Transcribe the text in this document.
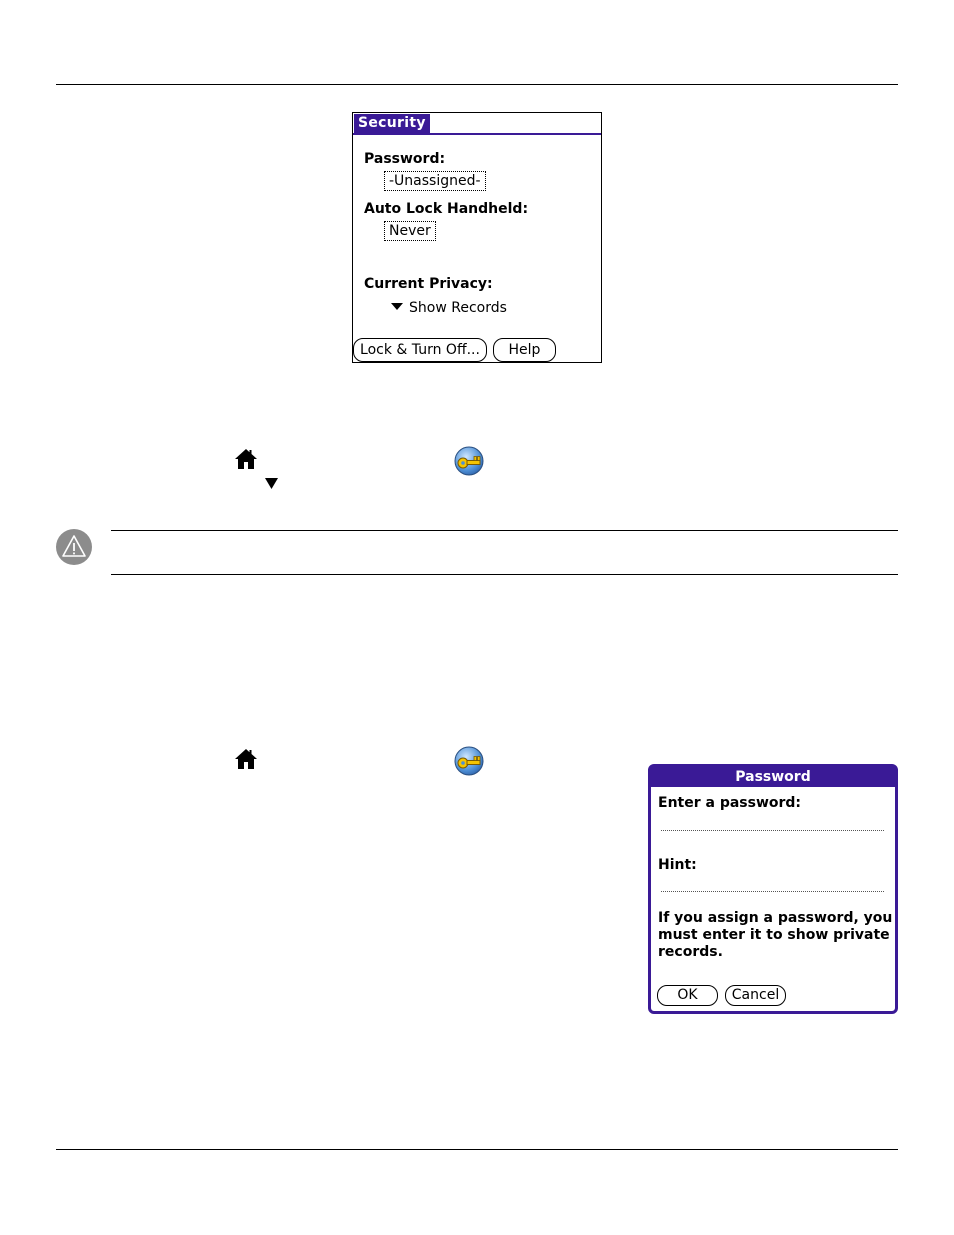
Security
Password:
-Unassigned-
Auto Lock Handheld:
Never
Current Privacy:
Show Records
Lock & Turn Off...	Help
Password
Enter a password:
Hint:
If you assign a password, you must enter it to show private records.
OK	Cancel
